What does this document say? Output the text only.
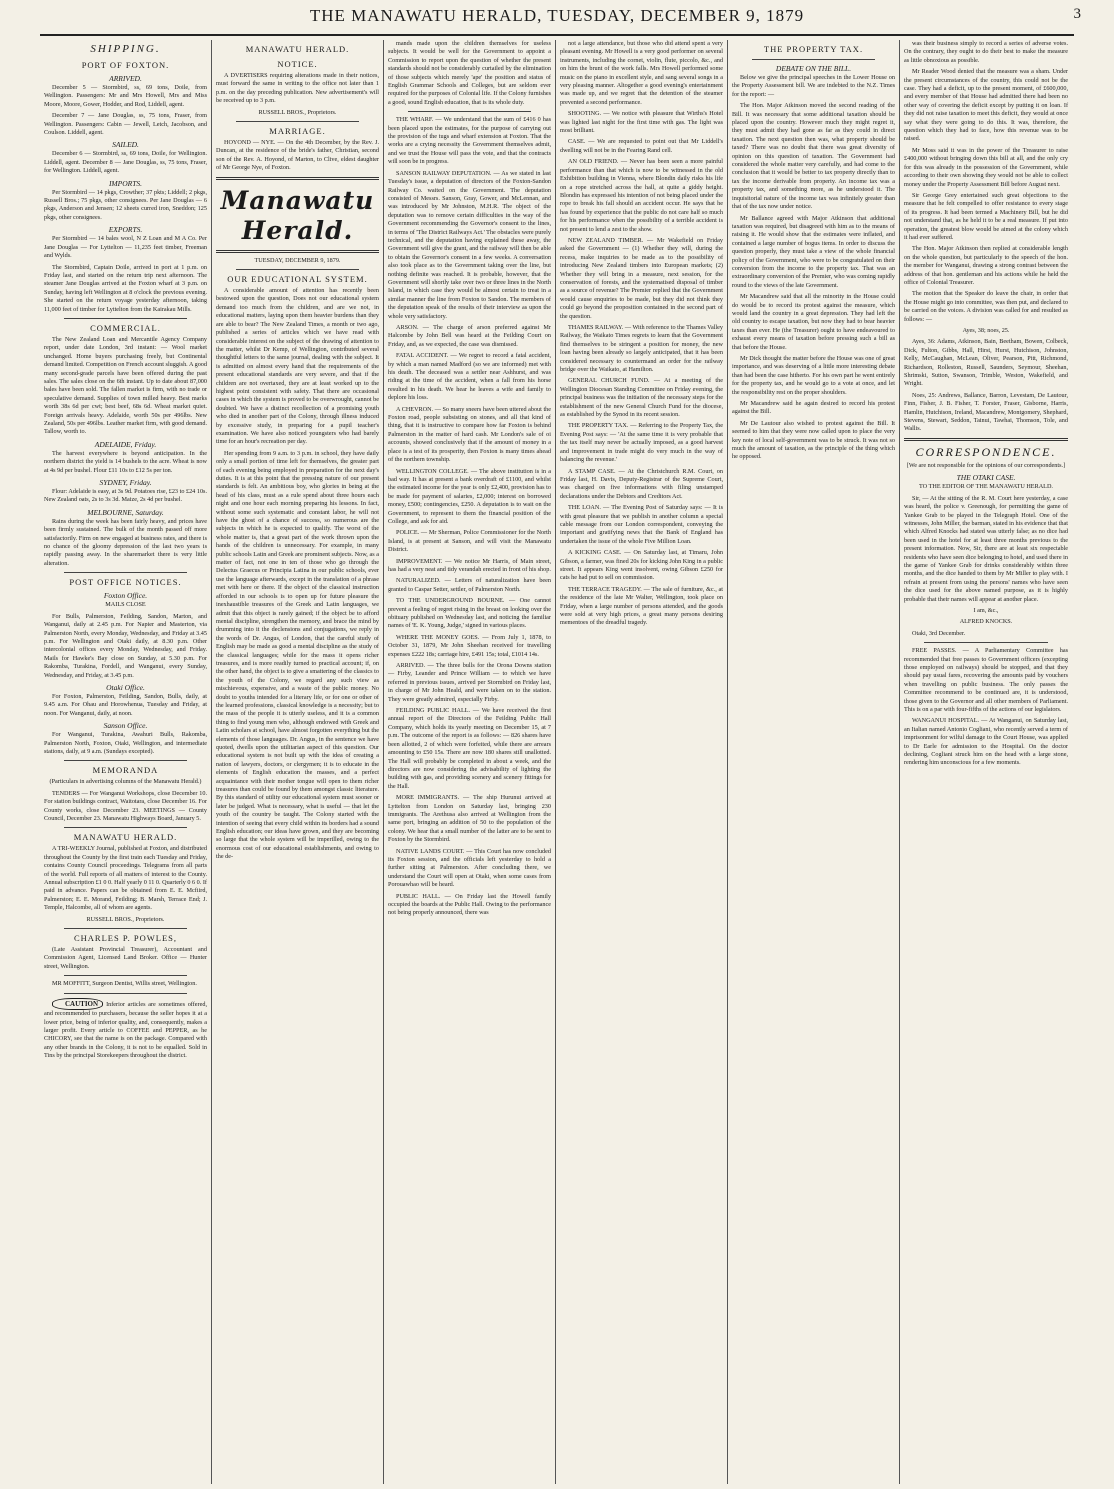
THE MANAWATU HERALD, TUESDAY, DECEMBER 9, 1879	3
SHIPPING.
PORT OF FOXTON.
ARRIVED.

December 5 — Stormbird, ss, 69 tons, Doile, from Wellington. Passengers: Mr and Mrs Howell, Mrs and Miss Moore, Moore, Gower, Hodder, and Rod, Liddell, agent.

December 7 — Jane Douglas, ss, 75 tons, Fraser, from Wellington. Passengers: Cabin — Jewell, Letch, Jacobson, and Coulson. Liddell, agent.

SAILED.

December 6 — Stormbird, ss, 69 tons, Doile, for Wellington. Liddell, agent. December 8 — Jane Douglas, ss, 75 tons, Fraser, for Wellington. Liddell, agent.

IMPORTS.

Per Stormbird — 14 pkgs, Crowther; 37 pkts; Liddell; 2 pkgs, Russell Bros.; 75 pkgs, other consignees. Per Jane Douglas — 6 pkgs, Anderson and Jensen; 12 sheets curred iron, Sneddon; 125 pkgs, other consignees.

EXPORTS.

Per Stormbird — 14 bales wool, N Z Loan and M A Co. Per Jane Douglas — For Lyttelton — 11,235 feet timber, Freeman and Wylds.

The Stormbird, Captain Doile, arrived in port at 1 p.m. on Friday last, and started on the return trip next afternoon. The steamer Jane Douglas arrived at the Foxton wharf at 3 p.m. on Sunday, having left Wellington at 8 o'clock the previous evening. She started on the return voyage yesterday afternoon, taking 11,000 feet of timber for Lyttelton from the Kairakau Mills.

COMMERCIAL.

The New Zealand Loan and Mercantile Agency Company report, under date London, 3rd instant: — Wool market unchanged. Home buyers purchasing freely, but Continental demand limited. Competition on French account sluggish. A good many second-grade parcels have been offered during the past sales. The sales close on the 6th instant. Up to date about 87,000 bales have been sold. The fallen market is firm, with no trade or speculative demand. Supplies of town milled heavy. Best marks worth 38s 6d per cwt; best beef, 68s 6d. Wheat market quiet. Foreign arrivals heavy. Adelaide, worth 50s per 496lbs. New Zealand, 50s per 496lbs. Leather market firm, with good demand. Tallow, worth to.

ADELAIDE, Friday.

The harvest everywhere is beyond anticipation. In the northern district the yield is 14 bushels to the acre. Wheat is now at 4s 9d per bushel. Flour £11 10s to £12 5s per ton.

SYDNEY, Friday.

Flour: Adelaide is easy, at 3s 9d. Potatoes rise, £23 to £24 10s. New Zealand oats, 2s to 3s 3d. Maize, 2s 4d per bushel.

MELBOURNE, Saturday.

Rains during the week has been fairly heavy, and prices have been firmly sustained. The bulk of the month passed off more satisfactorily. Firm on new engaged at business rates, and there is no chance of the gloomy depression of the last two years is rapidly passing away. In the sharemarket there is very little alteration.

POST OFFICE NOTICES.
Foxton Office.

MAILS CLOSE

For Bulls, Palmerston, Feilding, Sandon, Marton, and Wanganui, daily at 2.45 p.m. For Napier and Masterton, via Palmerston North, every Monday, Wednesday, and Friday at 3.45 p.m. For Wellington and Otaki daily, at 8.30 p.m. Other intercolonial offices every Monday, Wednesday, and Friday. Mails for Hawke's Bay close on Sunday, at 5.30 p.m. For Rakomba, Turakina, Fordell, and Wanganui, every Sunday, Wednesday, and Friday, at 3.45 p.m.

Otaki Office.

For Foxton, Palmerston, Feilding, Sandon, Bulls, daily, at 9.45 a.m. For Ohau and Horowhenua, Tuesday and Friday, at noon. For Wanganui, daily, at noon.

Sanson Office.

For Wanganui, Turakina, Awahuri Bulls, Rakomba, Palmerston North, Foxton, Otaki, Wellington, and intermediate stations, daily, at 9 a.m. (Sundays excepted).

MEMORANDA

(Particulars in advertising columns of the Manawatu Herald.)

TENDERS — For Wanganui Workshops, close December 10. For station buildings contract, Waitotara, close December 16. For County works, close December 23. MEETINGS — County Council, December 23. Manawatu Highways Board, January 5.

MANAWATU HERALD.

A TRI-WEEKLY Journal, published at Foxton, and distributed throughout the County by the first train each Tuesday and Friday, contains County Council proceedings. Telegrams from all parts of the world. Full reports of all matters of interest to the County. Annual subscription £1 0 0. Half yearly 0 11 0. Quarterly 0 6 0. If paid in advance. Papers can be obtained from E. E. Mcfiird, Palmerston; E. E. Morand, Feilding; B. Marsh, Terrace End; J. Temple, Halcombe, all of whom are agents.

RUSSELL BROS., Proprietors.

CHARLES P. POWLES,

(Late Assistant Provincial Treasurer), Accountant and Commission Agent, Licensed Land Broker. Office — Hunter street, Wellington.

MR MOFFITT, Surgeon Dentist, Willis street, Wellington.

CAUTION Inferior articles are sometimes offered, and recommended to purchasers, because the seller hopes it at a lower price, being of inferior quality, and, consequently, makes a larger profit. Every article to COFFEE and PEPPER, as he CHICORY, see that the name is on the package. Compared with any other brands in the Colony, it is not to be equalled. Sold in Tins by the principal Storekeepers throughout the district.

MANAWATU HERALD.
NOTICE.

A DVERTISERS requiring alterations made in their notices, must forward the same in writing to the office not later than 1 p.m. on the day preceding publication. New advertisement's will be received up to 3 p.m.

RUSSELL BROS., Proprietors.

MARRIAGE.

HOYOND — NYE. — On the 4th December, by the Rev. J. Duncan, at the residence of the bride's father, Christian, second son of the Rev. A. Hoyond, of Marton, to Clive, eldest daughter of Mr George Nye, of Foxton.

Manawatu Herald.

TUESDAY, DECEMBER 9, 1879.

OUR EDUCATIONAL SYSTEM.

A considerable amount of attention has recently been bestowed upon the question, Does not our educational system demand too much from the children, and are we not, in educational matters, laying upon them heavier burdens than they are able to bear? The New Zealand Times, a month or two ago, published a series of articles which we have read with considerable interest on the subject of the drawing of attention to the matter, whilst Dr Kemp, of Wellington, contributed several thoughtful letters to the same journal, dealing with the subject. It is admitted on almost every hand that the requirements of the present educational standards are very severe, and that if the children are not overtaxed, they are at least worked up to the highest point consistent with safety. That there are occasional cases in which the system is proved to be overwrought, cannot be doubted. We have a distinct recollection of a promising youth who died in another part of the Colony, through illness induced by excessive study, in preparing for a pupil teacher's examination. We have also noticed youngsters who had barely time for an hour's recreation per day.

Her spending from 9 a.m. to 3 p.m. in school, they have daily only a small portion of time left for themselves, the greater part of each evening being employed in preparation for the next day's duties. It is at this point that the pressing nature of our present standards is felt. An ambitious boy, who glories in being at the head of his class, must as a rule spend about three hours each night and one hour each morning preparing his lessons. In fact, without some such systematic and constant labor, he will not have the ghost of a chance of success, so numerous are the subjects in which he is expected to qualify. The worst of the whole matter is, that a great part of the work thrown upon the hands of the children is unnecessary. For example, in many public schools Latin and Greek are prominent subjects. Now, as a matter of fact, not one in ten of those who go through the Delectus Graecus or Principia Latina in our public schools, ever use the language afterwards, except in the translation of a phrase met with here or there. If the object of the classical instruction afforded in our schools is to open up for future pleasure the inexhaustible treasures of the Greek and Latin languages, we admit that this object is rarely gained; if the object be to afford mental discipline, strengthen the memory, and brace the mind by drumming into it the declensions and conjugations, we reply in the words of Dr. Angus, of London, that the careful study of English may be made as good a mental discipline as the study of the classical languages; while for the mass it opens richer treasures, and is more readily turned to practical account; if, on the other hand, the object is to give a smattering of the classics to the youth of the Colony, we regard any such view as mischievous, expensive, and a waste of the public money. No doubt to youths intended for a literary life, or for one or other of the learned professions, classical knowledge is a necessity; but to the mass of the people it is utterly useless, and it is a common thing to find young men who, although endowed with Greek and Latin scholars at school, have almost forgotten everything but the elements of those languages. Dr. Angus, in the sentence we have quoted, dwells upon the utilitarian aspect of this question. Our educational system is not built up with the idea of creating a nation of lawyers, doctors, or clergymen; it is to educate in the elements of English education the masses, and a perfect acquaintance with their mother tongue will open to them richer treasures than could be found by them amongst classic literature. By this standard of utility our educational system must sooner or later be judged. What is necessary, what is useful — that let the youth of the country be taught. The Colony started with the intention of seeing that every child within its borders had a sound English education; our ideas have grown, and they are becoming so large that the whole system will be imperilled, owing to the enormous cost of our educational establishments, and owing to the de-

mands made upon the children themselves for useless subjects. It would be well for the Government to appoint a Commission to report upon the question of whether the present standards should not be considerably curtailed by the elimination of those subjects which merely 'ape' the position and status of English Grammar Schools and Colleges, but are seldom ever required for the purposes of Colonial life. If the Colony furnishes a good, sound English education, that is its whole duty.

THE WHARF. — We understand that the sum of £416 0 has been placed upon the estimates, for the purpose of carrying out the provision of the tugs and wharf extension at Foxton. That the works are a crying necessity the Government themselves admit, and we trust the House will pass the vote, and that the contracts will soon be in progress.

SANSON RAILWAY DEPUTATION. — As we stated in last Tuesday's issue, a deputation of directors of the Foxton-Sandon Railway Co. waited on the Government. The deputation consisted of Messrs. Sanson, Gray, Gower, and McLennan, and was introduced by Mr Johnston, M.H.R. The object of the deputation was to remove certain difficulties in the way of the Government recommending the Governor's consent to the lines, in terms of 'The District Railways Act.' The obstacles were purely technical, and the deputation having explained these away, the Government will give the grant, and the railway will then be able to obtain the Governor's consent in a few weeks. A conversation also took place as to the Government taking over the line, but nothing definite was reached. It is probable, however, that the Government will shortly take over two or three lines in the North Island, in which case they would be almost certain to treat in a similar manner the line from Foxton to Sandon. The members of the deputation speak of the results of their interview as upon the whole very satisfactory.

ARSON. — The charge of arson preferred against Mr Halcombe by John Bell was heard at the Feilding Court on Friday, and, as we expected, the case was dismissed.

FATAL ACCIDENT. — We regret to record a fatal accident, by which a man named Madford (so we are informed) met with his death. The deceased was a settler near Ashhurst, and was riding at the time of the accident, when a fall from his horse resulted in his death. We hear he leaves a wife and family to deplore his loss.

A CHEVRON. — So many sneers have been uttered about the Foxton road, people subsisting on stones, and all that kind of thing, that it is instructive to compare how far Foxton is behind Palmerston in the matter of hard cash. Mr London's sale of oi accounts, showed conclusively that if the amount of money in a place is a test of its prosperity, then Foxton is many times ahead of the northern township.

WELLINGTON COLLEGE. — The above institution is in a bad way. It has at present a bank overdraft of £1100, and whilst the estimated income for the year is only £2,400, provision has to be made for payment of salaries, £2,000; interest on borrowed money, £500; contingencies, £250. A deputation is to wait on the Government, to represent to them the financial position of the College, and ask for aid.

POLICE. — Mr Sherman, Police Commissioner for the North Island, is at present at Sanson, and will visit the Manawatu District.

IMPROVEMENT. — We notice Mr Harris, of Main street, has had a very neat and tidy verandah erected in front of his shop.

NATURALIZED. — Letters of naturalization have been granted to Caspar Setter, settler, of Palmerston North.

TO THE UNDERGROUND BOURNE. — One cannot prevent a feeling of regret rising in the breast on looking over the obituary published on Wednesday last, and noticing the familiar names of 'E. K. Young, Judge,' signed in various places.

WHERE THE MONEY GOES. — From July 1, 1878, to October 31, 1879, Mr John Sheehan received for travelling expenses £222 18s; carriage hire, £491 15s; total, £1014 14s.

ARRIVED. — The three bulls for the Orona Downs station — Firby, Leander and Prince William — to which we have referred in previous issues, arrived per Stormbird on Friday last, in charge of Mr John Heald, and were taken on to the station. They were greatly admired, especially Firby.

FEILDING PUBLIC HALL. — We have received the first annual report of the Directors of the Feilding Public Hall Company, which holds its yearly meeting on December 15, at 7 p.m. The outcome of the report is as follows: — 826 shares have been allotted, 2 of which were forfeited, while there are arrears amounting to £50 15s. There are now 180 shares still unallotted. The Hall will probably be completed in about a week, and the directors are now considering the advisability of lighting the building with gas, and providing scenery and scenery fittings for the Hall.

MORE IMMIGRANTS. — The ship Hurunui arrived at Lyttelton from London on Saturday last, bringing 230 immigrants. The Arethusa also arrived at Wellington from the same port, bringing an addition of 50 to the population of the colony. We hear that a small number of the latter are to be sent to Foxton by the Stormbird.

NATIVE LANDS COURT. — This Court has now concluded its Foxton session, and the officials left yesterday to hold a further sitting at Palmerston. After concluding there, we understand the Court will open at Otaki, when some cases from Porouawhao will be heard.

PUBLIC HALL. — On Friday last the Howell family occupied the boards at the Public Hall. Owing to the performance not being properly announced, there was

not a large attendance, but those who did attend spent a very pleasant evening. Mr Howell is a very good performer on several instruments, including the cornet, violin, flute, piccolo, &c., and on him the brunt of the work falls. Mrs Howell performed some music on the piano in excellent style, and sang several songs in a very pleasing manner. Altogether a good evening's entertainment was made up, and we regret that the detention of the steamer prevented a second performance.

SHOOTING. — We notice with pleasure that Wirths's Hotel was lighted last night for the first time with gas. The light was most brilliant.

CASE. — We are requested to point out that Mr Liddell's dwelling will not be in the Fearing Rand cell.

AN OLD FRIEND. — Never has been seen a more painful performance than that which is now to be witnessed in the old Exhibition building in Vienna, where Blondin daily risks his life on a rope stretched across the hall, at quite a giddy height. Blondin has expressed his intention of not being placed under the rope to break his fall should an accident occur. He says that he has found by experience that the public do not care half so much for his performance when the possibility of a terrible accident is not present to lend a zest to the show.

NEW ZEALAND TIMBER. — Mr Wakefield on Friday asked the Government — (1) Whether they will, during the recess, make inquiries to be made as to the possibility of introducing New Zealand timbers into European markets; (2) Whether they will bring in a measure, next session, for the conservation of forests, and the systematised disposal of timber as a source of revenue? The Premier replied that the Government would cause enquiries to be made, but they did not think they could go beyond the proposition contained in the second part of the question.

THAMES RAILWAY. — With reference to the Thames Valley Railway, the Waikato Times regrets to learn that the Government find themselves to be stringent a position for money, the new loan having been already so largely anticipated, that it has been considered necessary to countermand an order for the railway bridge over the Waikato, at Hamilton.

GENERAL CHURCH FUND. — At a meeting of the Wellington Diocesan Standing Committee on Friday evening, the principal business was the initiation of the necessary steps for the establishment of the new General Church Fund for the diocese, as established by the Synod in its recent session.

THE PROPERTY TAX. — Referring to the Property Tax, the Evening Post says: — 'At the same time it is very probable that the tax itself may never be actually imposed, as a good harvest and improvement in trade might do very much in the way of balancing the revenue.'

A STAMP CASE. — At the Christchurch R.M. Court, on Friday last, H. Davis, Deputy-Registrar of the Supreme Court, was charged on five informations with filing unstamped declarations under the Debtors and Creditors Act.

THE LOAN. — The Evening Post of Saturday says: — It is with great pleasure that we publish in another column a special cable message from our London correspondent, conveying the important and gratifying news that the Bank of England has undertaken the issue of the whole Five Million Loan.

A KICKING CASE. — On Saturday last, at Timaru, John Gibson, a farmer, was fined 20s for kicking John King in a public street. It appears King went insolvent, owing Gibson £250 for cats he had put to sell on commission.

THE TERRACE TRAGEDY. — The sale of furniture, &c., at the residence of the late Mr Walter, Wellington, took place on Friday, when a large number of persons attended, and the goods were sold at very high prices, a great many persons desiring mementoes of the dreadful tragedy.

THE PROPERTY TAX.
DEBATE ON THE BILL.

Below we give the principal speeches in the Lower House on the Property Assessment bill. We are indebted to the N.Z. Times for the report: —

The Hon. Major Atkinson moved the second reading of the Bill. It was necessary that some additional taxation should be placed upon the country. However much they might regret it, they must admit they had gone as far as they could in direct taxation. The next question then was, what property should be taxed? There was no doubt that there was great diversity of opinion on this question of taxation. The Government had considered the whole matter very carefully, and had come to the conclusion that it would be better to tax property directly than to tax the income derivable from property. An income tax was a property tax, and something more, as he understood it. The inquisitorial nature of the income tax was infinitely greater than that of the tax now under notice.

Mr Ballance agreed with Major Atkinson that additional taxation was required, but disagreed with him as to the means of raising it. He would show that the estimates were inflated, and contained a large number of bogus items. In order to discuss the question properly, they must take a view of the whole financial policy of the Government, who were to be congratulated on their conversion from the income to the property tax. That was an extraordinary conversion of the Premier, who was coming rapidly round to the views of the late Government.

Mr Macandrew said that all the minority in the House could do would be to record its protest against the measure, which would land the country in a great depression. They had left the old country to escape taxation, but now they had to bear heavier taxes than ever. He (the Treasurer) ought to have endeavoured to exhaust every means of taxation before pressing such a bill as that before the House.

Mr Dick thought the matter before the House was one of great importance, and was deserving of a little more interesting debate than had been the case hitherto. For his own part he went entirely for the property tax, and he would go to a vote at once, and let the responsibility rest on the proper shoulders.

Mr Macandrew said he again desired to record his protest against the Bill.

Mr De Lautour also wished to protest against the Bill. It seemed to him that they were now called upon to place the very key note of local self-government was to be struck. It was not so much the amount of taxation, as the principle of the thing which he opposed.

was their business simply to record a series of adverse votes. On the contrary, they ought to do their best to make the measure as little obnoxious as possible.

Mr Reader Wood denied that the measure was a sham. Under the present circumstances of the country, this could not be the case. They had a deficit, up to the present moment, of £600,000, and every member of that House had admitted there had been no other way of covering the deficit except by putting it on loan. If they did not raise taxation to meet this deficit, they would at once say what they were going to do this. It was, therefore, the question which they had to face, how this revenue was to be raised.

Mr Moss said it was in the power of the Treasurer to raise £400,000 without bringing down this bill at all, and the only cry for this was already in the possession of the Government, while according to their own showing they would not be able to collect money under the Property Assessment Bill before August next.

Sir George Grey entertained such great objections to the measure that he felt compelled to offer resistance to every stage of its progress. It had been termed a Machinery Bill, but he did not understand that, as he held it to be a real measure. If put into operation, the greatest blow would be aimed at the colony which it had ever suffered.

The Hon. Major Atkinson then replied at considerable length on the whole question, but particularly to the speech of the hon. the member for Wanganui, drawing a strong contrast between the address of that hon. gentleman and his actions while he held the office of Colonial Treasurer.

The motion that the Speaker do leave the chair, in order that the House might go into committee, was then put, and declared to be carried on the voices. A division was called for and resulted as follows: —

Ayes, 38; noes, 25.

Ayes, 36: Adams, Atkinson, Bain, Beetham, Bowen, Colbeck, Dick, Fulton, Gibbs, Hall, Hirst, Hurst, Hutchison, Johnston, Kelly, McCaughan, McLean, Oliver, Pearson, Pitt, Richmond, Richardson, Rolleston, Russell, Saunders, Seymour, Sheehan, Shrimski, Sutton, Swanson, Trimble, Weston, Wakefield, and Wright.

Noes, 25: Andrews, Ballance, Barron, Levestam, De Lautour, Finn, Fisher, J. B. Fisher, T. Forster, Fraser, Gisborne, Harris, Hamlin, Hutchison, Ireland, Macandrew, Montgomery, Shephard, Stevens, Stewart, Seddon, Tainui, Tawhai, Thomson, Tole, and Wallis.

CORRESPONDENCE.

[We are not responsible for the opinions of our correspondents.]

THE OTAKI CASE.

TO THE EDITOR OF THE MANAWATU HERALD.

Sir, — At the sitting of the R. M. Court here yesterday, a case was heard, the police v. Greenough, for permitting the game of Yankee Grab to be played in the Telegraph Hotel. One of the witnesses, John Miller, the barman, stated in his evidence that that which Alfred Knocks had stated was utterly false; as no dice had been used in the hotel for at least three months previous to the present information. Now, Sir, there are at least six respectable residents who have seen dice belonging to hotel, and used there in the game of Yankee Grab for drinks considerably within three months, and the dice handed to them by Mr Miller to play with. I refrain at present from using the persons' names who have seen the dice used for the above named purpose, as it is highly probable that their names will appear at another place.

I am, &c.,

ALFRED KNOCKS.

Otaki, 3rd December.

FREE PASSES. — A Parliamentary Committee has recommended that free passes to Government officers (excepting those employed on railways) should be stopped, and that they should pay usual fares, recovering the amounts paid by vouchers when travelling on public business. The only passes the Committee recommend to be continued are, it is understood, those given to the Governor and all other members of Parliament. This is on a par with four-fifths of the actions of our legislators.

WANGANUI HOSPITAL. — At Wanganui, on Saturday last, an Italian named Antonio Cogliani, who recently served a term of imprisonment for wilful damage to the Court House, was applied to Dr Earle for admission to the Hospital. On the doctor declining, Cogliani struck him on the head with a large stone, rendering him unconscious for a few moments.
